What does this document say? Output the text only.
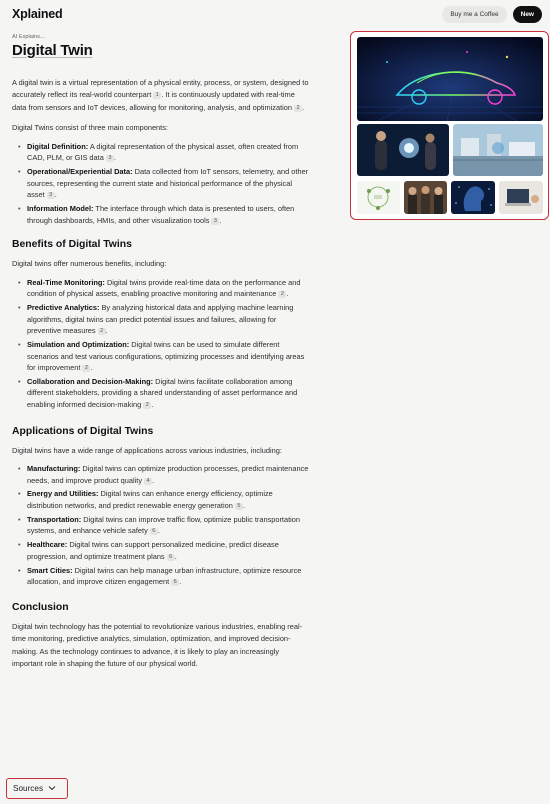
Xplained	Buy me a Coffee	New
AI Explains...
Digital Twin

A digital twin is a virtual representation of a physical entity, process, or system, designed to accurately reflect its real-world counterpart 1 . It is continuously updated with real-time data from sensors and IoT devices, allowing for monitoring, analysis, and optimization 2 .

Digital Twins consist of three main components:

• Digital Definition: A digital representation of the physical asset, often created from CAD, PLM, or GIS data 3 .
• Operational/Experiential Data: Data collected from IoT sensors, telemetry, and other sources, representing the current state and historical performance of the physical asset 3 .
• Information Model: The interface through which data is presented to users, often through dashboards, HMIs, and other visualization tools 3 .
Benefits of Digital Twins

Digital twins offer numerous benefits, including:

• Real-Time Monitoring: Digital twins provide real-time data on the performance and condition of physical assets, enabling proactive monitoring and maintenance 2 .
• Predictive Analytics: By analyzing historical data and applying machine learning algorithms, digital twins can predict potential issues and failures, allowing for preventive measures 2 .
• Simulation and Optimization: Digital twins can be used to simulate different scenarios and test various configurations, optimizing processes and identifying areas for improvement 2 .
• Collaboration and Decision-Making: Digital twins facilitate collaboration among different stakeholders, providing a shared understanding of asset performance and enabling informed decision-making 2 .
Applications of Digital Twins

Digital twins have a wide range of applications across various industries, including:

• Manufacturing: Digital twins can optimize production processes, predict maintenance needs, and improve product quality 4 .
• Energy and Utilities: Digital twins can enhance energy efficiency, optimize distribution networks, and predict renewable energy generation 5 .
• Transportation: Digital twins can improve traffic flow, optimize public transportation systems, and enhance vehicle safety 6 .
• Healthcare: Digital twins can support personalized medicine, predict disease progression, and optimize treatment plans 6 .
• Smart Cities: Digital twins can help manage urban infrastructure, optimize resource allocation, and improve citizen engagement 6 .
Conclusion

Digital twin technology has the potential to revolutionize various industries, enabling real-time monitoring, predictive analytics, simulation, optimization, and improved decision-making. As the technology continues to advance, it is likely to play an increasingly important role in shaping the future of our physical world.

Sources
